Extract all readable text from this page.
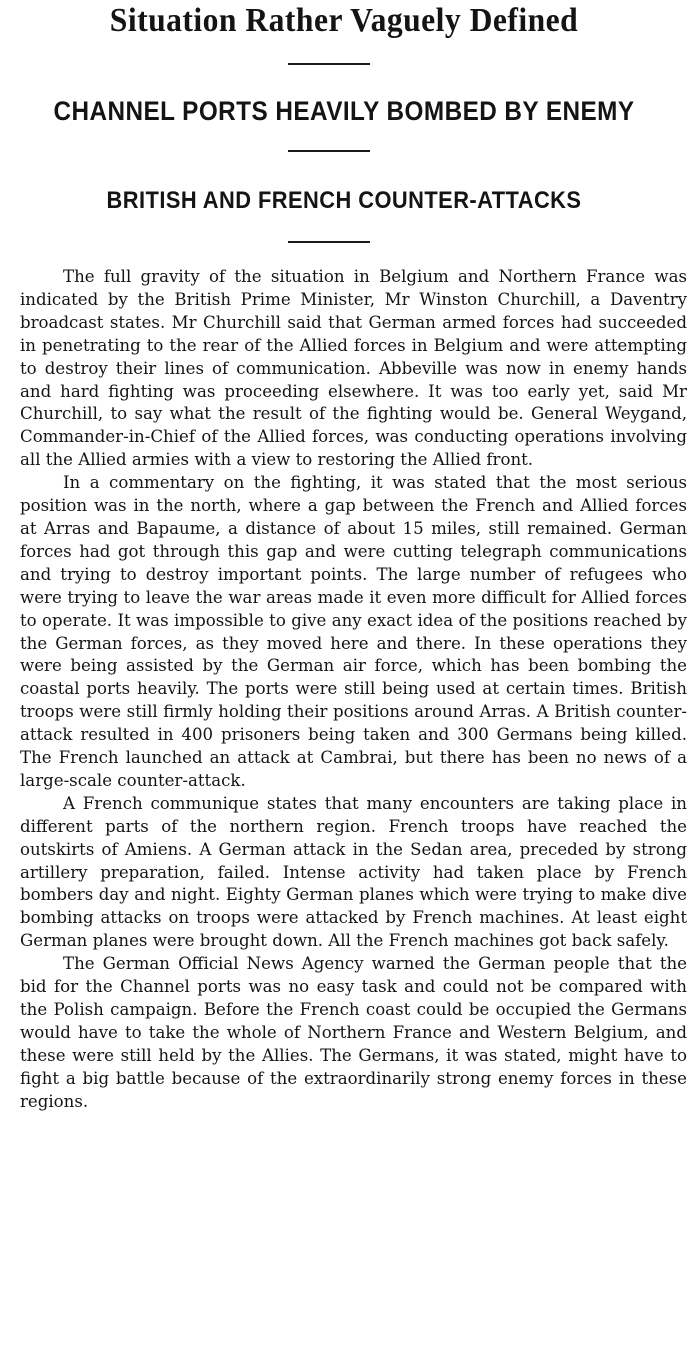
Situation Rather Vaguely Defined
CHANNEL PORTS HEAVILY BOMBED BY ENEMY
BRITISH AND FRENCH COUNTER-ATTACKS

The full gravity of the situation in Belgium and Northern France was indicated by the British Prime Minister, Mr Winston Churchill, a Daventry broadcast states. Mr Churchill said that German armed forces had succeeded in penetrating to the rear of the Allied forces in Belgium and were attempting to destroy their lines of communication. Abbeville was now in enemy hands and hard fighting was proceeding elsewhere. It was too early yet, said Mr Churchill, to say what the result of the fighting would be. General Weygand, Commander-in-Chief of the Allied forces, was conducting operations involving all the Allied armies with a view to restoring the Allied front.

In a commentary on the fighting, it was stated that the most serious position was in the north, where a gap between the French and Allied forces at Arras and Bapaume, a distance of about 15 miles, still remained. German forces had got through this gap and were cutting telegraph communications and trying to destroy important points. The large number of refugees who were trying to leave the war areas made it even more difficult for Allied forces to operate. It was impossible to give any exact idea of the positions reached by the German forces, as they moved here and there. In these operations they were being assisted by the German air force, which has been bombing the coastal ports heavily. The ports were still being used at certain times. British troops were still firmly holding their positions around Arras. A British counter-attack resulted in 400 prisoners being taken and 300 Germans being killed. The French launched an attack at Cambrai, but there has been no news of a large-scale counter-attack.

A French communique states that many encounters are taking place in different parts of the northern region. French troops have reached the outskirts of Amiens. A German attack in the Sedan area, preceded by strong artillery preparation, failed. Intense activity had taken place by French bombers day and night. Eighty German planes which were trying to make dive bombing attacks on troops were attacked by French machines. At least eight German planes were brought down. All the French machines got back safely.

The German Official News Agency warned the German people that the bid for the Channel ports was no easy task and could not be compared with the Polish campaign. Before the French coast could be occupied the Germans would have to take the whole of Northern France and Western Belgium, and these were still held by the Allies. The Germans, it was stated, might have to fight a big battle because of the extraordinarily strong enemy forces in these regions.
